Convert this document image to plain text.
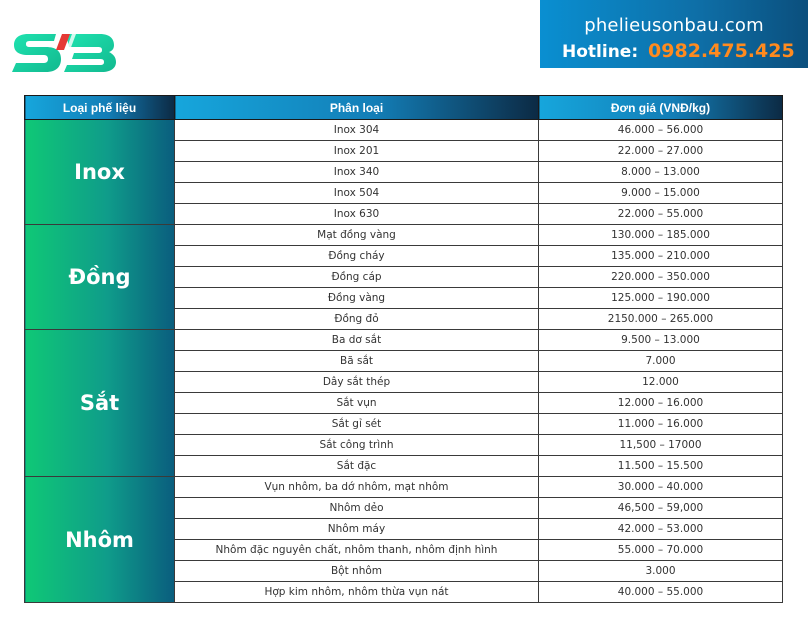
phelieusonbau.com
Hotline: 0982.475.425
Loại phế liệu	Phân loại	Đơn giá (VNĐ/kg)
Inox	Inox 304	46.000 – 56.000
	Inox 201	22.000 – 27.000
	Inox 340	8.000 – 13.000
	Inox 504	9.000 – 15.000
	Inox 630	22.000 – 55.000
Đồng	Mạt đồng vàng	130.000 – 185.000
	Đồng cháy	135.000 – 210.000
	Đồng cáp	220.000 – 350.000
	Đồng vàng	125.000 – 190.000
	Đồng đỏ	2150.000 – 265.000
Sắt	Ba dơ sắt	9.500 – 13.000
	Bã sắt	7.000
	Dây sắt thép	12.000
	Sắt vụn	12.000 – 16.000
	Sắt gỉ sét	11.000 – 16.000
	Sắt công trình	11,500 – 17000
	Sắt đặc	11.500 – 15.500
Nhôm	Vụn nhôm, ba dớ nhôm, mạt nhôm	30.000 – 40.000
	Nhôm dẻo	46,500 – 59,000
	Nhôm máy	42.000 – 53.000
	Nhôm đặc nguyên chất, nhôm thanh, nhôm định hình	55.000 – 70.000
	Bột nhôm	3.000
	Hợp kim nhôm, nhôm thừa vụn nát	40.000 – 55.000
